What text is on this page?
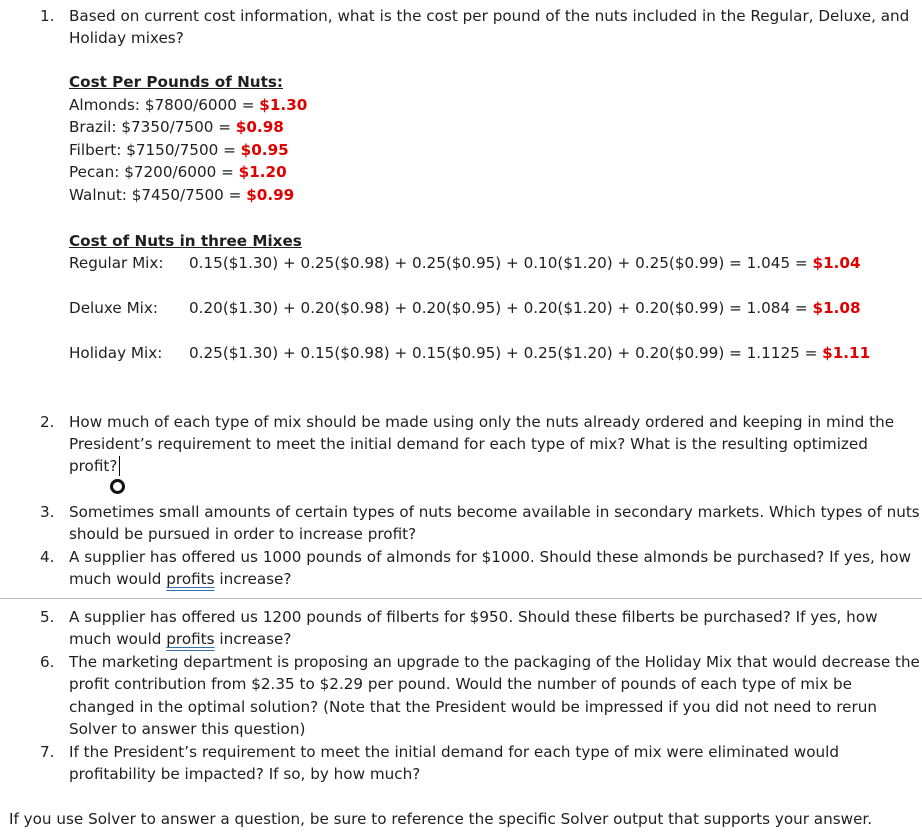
1. Based on current cost information, what is the cost per pound of the nuts included in the Regular, Deluxe, and
Holiday mixes?
Cost Per Pounds of Nuts:
Almonds: $7800/6000 = $1.30
Brazil: $7350/7500 = $0.98
Filbert: $7150/7500 = $0.95
Pecan: $7200/6000 = $1.20
Walnut: $7450/7500 = $0.99
Cost of Nuts in three Mixes
Regular Mix: 0.15($1.30) + 0.25($0.98) + 0.25($0.95) + 0.10($1.20) + 0.25($0.99) = 1.045 = $1.04
Deluxe Mix: 0.20($1.30) + 0.20($0.98) + 0.20($0.95) + 0.20($1.20) + 0.20($0.99) = 1.084 = $1.08
Holiday Mix: 0.25($1.30) + 0.15($0.98) + 0.15($0.95) + 0.25($1.20) + 0.20($0.99) = 1.1125 = $1.11
2. How much of each type of mix should be made using only the nuts already ordered and keeping in mind the
President’s requirement to meet the initial demand for each type of mix? What is the resulting optimized
profit?
3. Sometimes small amounts of certain types of nuts become available in secondary markets. Which types of nuts
should be pursued in order to increase profit?
4. A supplier has offered us 1000 pounds of almonds for $1000. Should these almonds be purchased? If yes, how
much would profits increase?
5. A supplier has offered us 1200 pounds of filberts for $950. Should these filberts be purchased? If yes, how
much would profits increase?
6. The marketing department is proposing an upgrade to the packaging of the Holiday Mix that would decrease the
profit contribution from $2.35 to $2.29 per pound. Would the number of pounds of each type of mix be
changed in the optimal solution? (Note that the President would be impressed if you did not need to rerun
Solver to answer this question)
7. If the President’s requirement to meet the initial demand for each type of mix were eliminated would
profitability be impacted? If so, by how much?
If you use Solver to answer a question, be sure to reference the specific Solver output that supports your answer.
